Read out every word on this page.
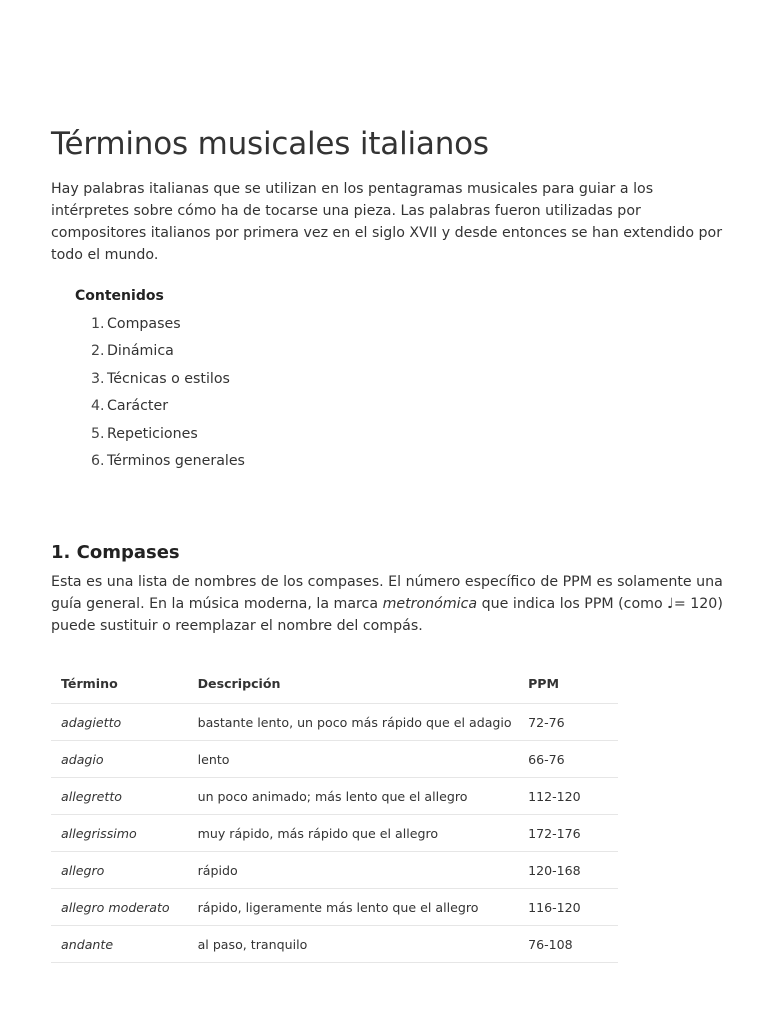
Términos musicales italianos

Hay palabras italianas que se utilizan en los pentagramas musicales para guiar a los intérpretes sobre cómo ha de tocarse una pieza. Las palabras fueron utilizadas por compositores italianos por primera vez en el siglo XVII y desde entonces se han extendido por todo el mundo.

Contenidos
1. Compases
2. Dinámica
3. Técnicas o estilos
4. Carácter
5. Repeticiones
6. Términos generales
1. Compases

Esta es una lista de nombres de los compases. El número específico de PPM es solamente una guía general. En la música moderna, la marca metronómica que indica los PPM (como ♩= 120) puede sustituir o reemplazar el nombre del compás.

Término	Descripción	PPM
adagietto	bastante lento, un poco más rápido que el adagio	72-76
adagio	lento	66-76
allegretto	un poco animado; más lento que el allegro	112-120
allegrissimo	muy rápido, más rápido que el allegro	172-176
allegro	rápido	120-168
allegro moderato	rápido, ligeramente más lento que el allegro	116-120
andante	al paso, tranquilo	76-108
